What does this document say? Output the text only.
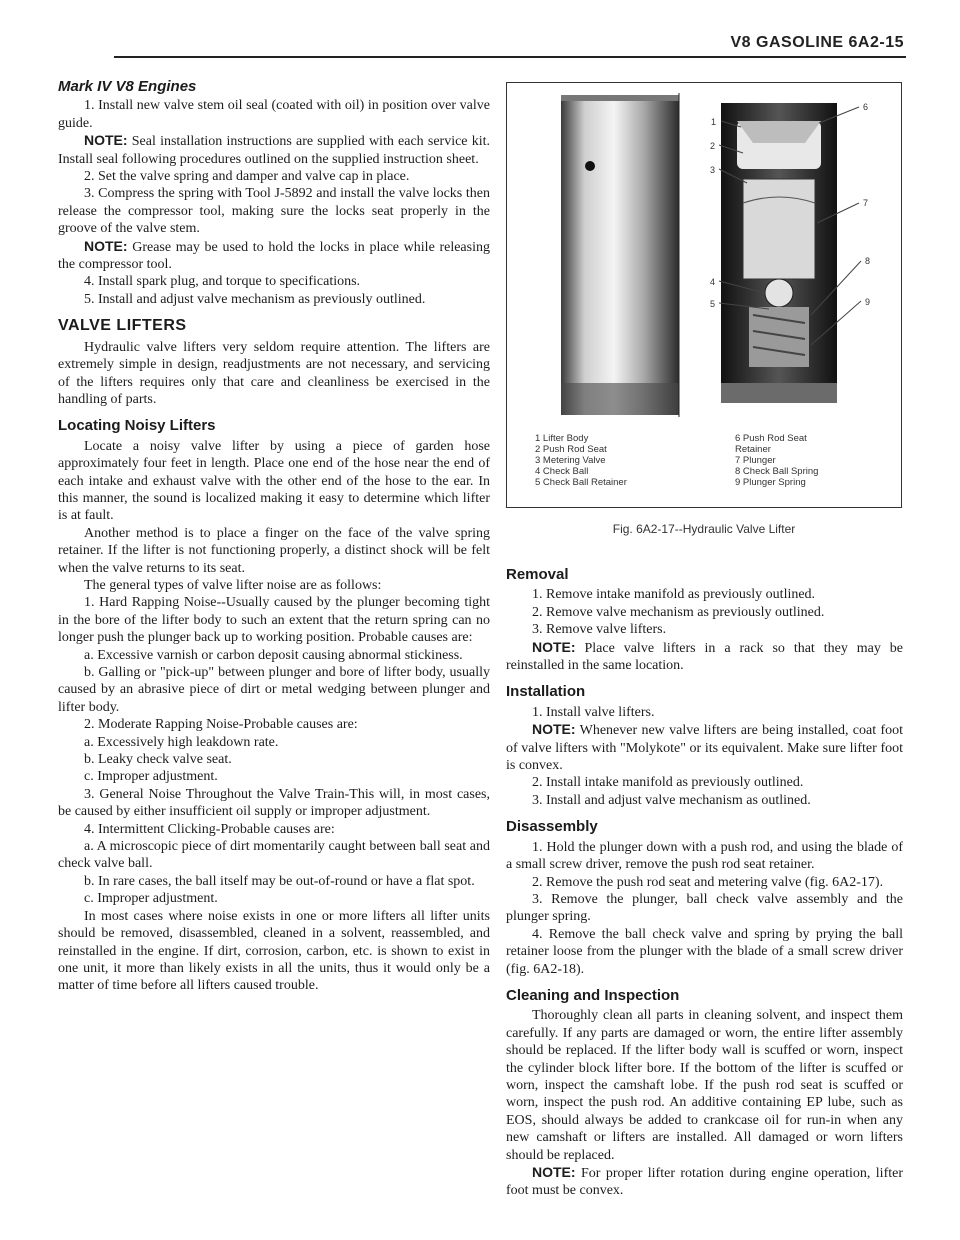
V8 GASOLINE 6A2-15
Mark IV V8 Engines

1. Install new valve stem oil seal (coated with oil) in position over valve guide.

NOTE: Seal installation instructions are supplied with each service kit. Install seal following procedures outlined on the supplied instruction sheet.

2. Set the valve spring and damper and valve cap in place.

3. Compress the spring with Tool J-5892 and install the valve locks then release the compressor tool, making sure the locks seat properly in the groove of the valve stem.

NOTE: Grease may be used to hold the locks in place while releasing the compressor tool.

4. Install spark plug, and torque to specifications.

5. Install and adjust valve mechanism as previously outlined.

VALVE LIFTERS

Hydraulic valve lifters very seldom require attention. The lifters are extremely simple in design, readjustments are not necessary, and servicing of the lifters requires only that care and cleanliness be exercised in the handling of parts.

Locating Noisy Lifters

Locate a noisy valve lifter by using a piece of garden hose approximately four feet in length. Place one end of the hose near the end of each intake and exhaust valve with the other end of the hose to the ear. In this manner, the sound is localized making it easy to determine which lifter is at fault.

Another method is to place a finger on the face of the valve spring retainer. If the lifter is not functioning properly, a distinct shock will be felt when the valve returns to its seat.

The general types of valve lifter noise are as follows:

1. Hard Rapping Noise--Usually caused by the plunger becoming tight in the bore of the lifter body to such an extent that the return spring can no longer push the plunger back up to working position. Probable causes are:

a. Excessive varnish or carbon deposit causing abnormal stickiness.

b. Galling or "pick-up" between plunger and bore of lifter body, usually caused by an abrasive piece of dirt or metal wedging between plunger and lifter body.

2. Moderate Rapping Noise-Probable causes are:

a. Excessively high leakdown rate.

b. Leaky check valve seat.

c. Improper adjustment.

3. General Noise Throughout the Valve Train-This will, in most cases, be caused by either insufficient oil supply or improper adjustment.

4. Intermittent Clicking-Probable causes are:

a. A microscopic piece of dirt momentarily caught between ball seat and check valve ball.

b. In rare cases, the ball itself may be out-of-round or have a flat spot.

c. Improper adjustment.

In most cases where noise exists in one or more lifters all lifter units should be removed, disassembled, cleaned in a solvent, reassembled, and reinstalled in the engine. If dirt, corrosion, carbon, etc. is shown to exist in one unit, it more than likely exists in all the units, thus it would only be a matter of time before all lifters caused trouble.

1
2
3
4
5
6
7
8
9
1 Lifter Body
2 Push Rod Seat
3 Metering Valve
4 Check Ball
5 Check Ball Retainer
6 Push Rod Seat
Retainer
7 Plunger
8 Check Ball Spring
9 Plunger Spring
Fig. 6A2-17--Hydraulic Valve Lifter
Removal

1. Remove intake manifold as previously outlined.

2. Remove valve mechanism as previously outlined.

3. Remove valve lifters.

NOTE: Place valve lifters in a rack so that they may be reinstalled in the same location.

Installation

1. Install valve lifters.

NOTE: Whenever new valve lifters are being installed, coat foot of valve lifters with "Molykote" or its equivalent. Make sure lifter foot is convex.

2. Install intake manifold as previously outlined.

3. Install and adjust valve mechanism as outlined.

Disassembly

1. Hold the plunger down with a push rod, and using the blade of a small screw driver, remove the push rod seat retainer.

2. Remove the push rod seat and metering valve (fig. 6A2-17).

3. Remove the plunger, ball check valve assembly and the plunger spring.

4. Remove the ball check valve and spring by prying the ball retainer loose from the plunger with the blade of a small screw driver (fig. 6A2-18).

Cleaning and Inspection

Thoroughly clean all parts in cleaning solvent, and inspect them carefully. If any parts are damaged or worn, the entire lifter assembly should be replaced. If the lifter body wall is scuffed or worn, inspect the cylinder block lifter bore. If the bottom of the lifter is scuffed or worn, inspect the camshaft lobe. If the push rod seat is scuffed or worn, inspect the push rod. An additive containing EP lube, such as EOS, should always be added to crankcase oil for run-in when any new camshaft or lifters are installed. All damaged or worn lifters should be replaced.

NOTE: For proper lifter rotation during engine operation, lifter foot must be convex.
